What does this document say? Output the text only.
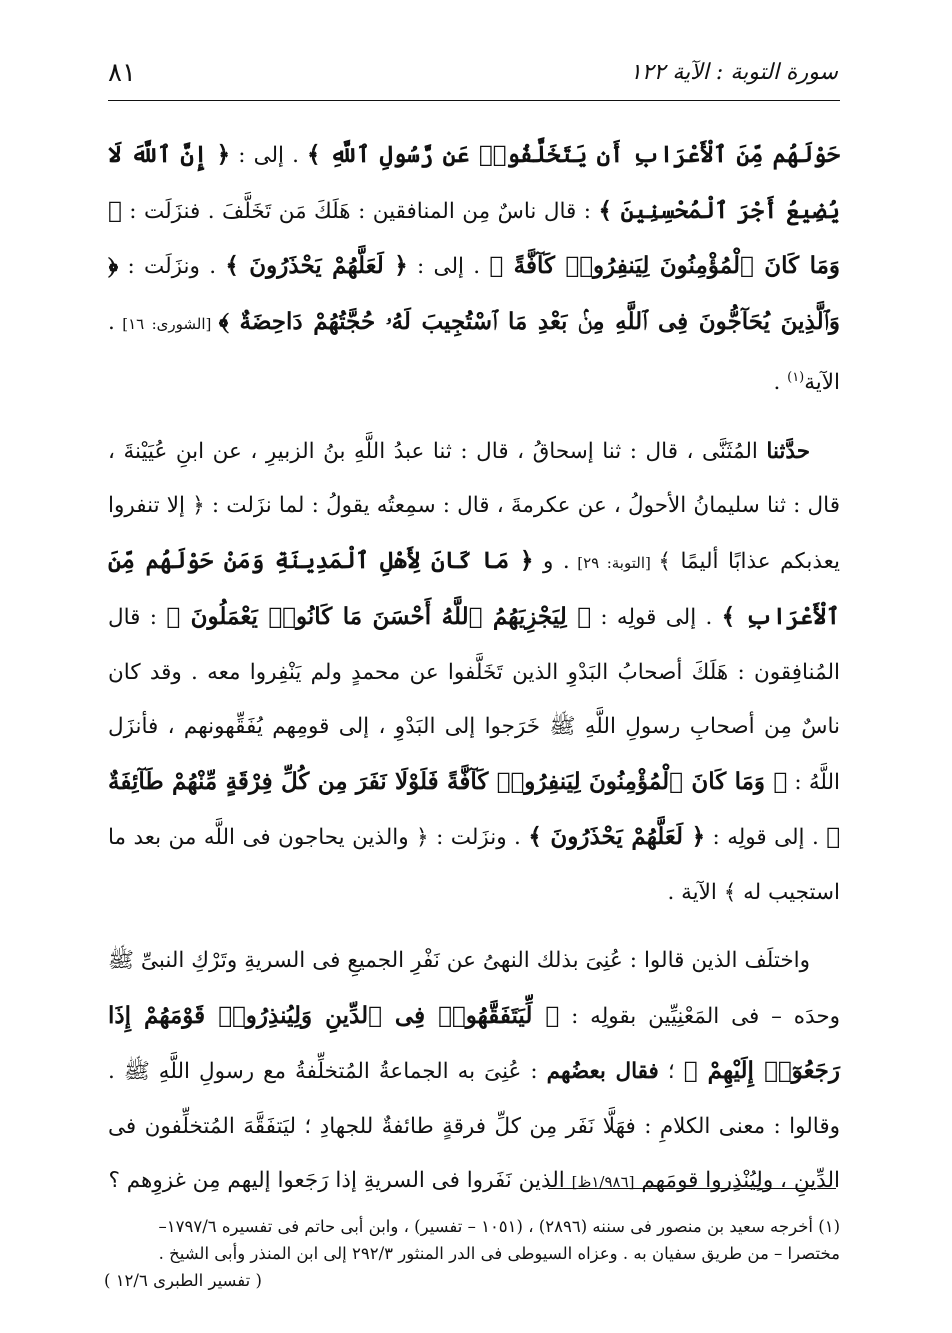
سورة التوبة : الآية ١٢٢
٨١

حَوْلَهُم مِّنَ ٱلْأَعْرَابِ أَن يَتَخَلَّفُوا۟ عَن رَّسُولِ ٱللَّهِ ﴾ . إلى : ﴿ إِنَّ ٱللَّهَ لَا يُضِيعُ أَجْرَ ٱلْمُحْسِنِينَ ﴾ : قال ناسٌ مِن المنافقين : هَلَكَ مَن تَخَلَّفَ . فنزَلَت : ﴿ وَمَا كَانَ ٱلْمُؤْمِنُونَ لِيَنفِرُوا۟ كَآفَّةً ﴾ . إلى : ﴿ لَعَلَّهُمْ يَحْذَرُونَ ﴾ . ونزَلَت : ﴿ وَٱلَّذِينَ يُحَآجُّونَ فِى ٱللَّهِ مِنۢ بَعْدِ مَا ٱسْتُجِيبَ لَهُۥ حُجَّتُهُمْ دَاحِضَةٌ ﴾ [الشورى: ١٦] . الآية$^{(١)}$ .

حدَّثنا المُثَنَّى ، قال : ثنا إسحاقُ ، قال : ثنا عبدُ اللَّهِ بنُ الزبيرِ ، عن ابنِ عُيَيْنةَ ، قال : ثنا سليمانُ الأحولُ ، عن عكرمةَ ، قال : سمِعتُه يقولُ : لما نزَلت : ﴿ إلا تنفروا يعذبكم عذابًا أليمًا ﴾ [التوبة: ٢٩] . و ﴿ مَا كَانَ لِأَهْلِ ٱلْمَدِينَةِ وَمَنْ حَوْلَهُم مِّنَ ٱلْأَعْرَابِ ﴾ . إلى قولِه : ﴿ لِيَجْزِيَهُمُ ٱللَّهُ أَحْسَنَ مَا كَانُوا۟ يَعْمَلُونَ ﴾ : قال المُنافِقون : هَلَكَ أصحابُ البَدْوِ الذين تَخَلَّفوا عن محمدٍ ولم يَنْفِروا معه . وقد كان ناسٌ مِن أصحابِ رسولِ اللَّهِ ﷺ خَرَجوا إلى البَدْوِ ، إلى قومِهم يُفَقِّهونهم ، فأنزَل اللَّهُ : ﴿ وَمَا كَانَ ٱلْمُؤْمِنُونَ لِيَنفِرُوا۟ كَآفَّةً فَلَوْلَا نَفَرَ مِن كُلِّ فِرْقَةٍ مِّنْهُمْ طَآئِفَةٌ ﴾ . إلى قولِه : ﴿ لَعَلَّهُمْ يَحْذَرُونَ ﴾ . ونزَلت : ﴿ والذين يحاجون فى اللَّه من بعد ما استجيب له ﴾ الآية .

واختلَف الذين قالوا : عُنِىَ بذلك النهىُ عن نَفْرِ الجميعِ فى السريةِ وتَرْكِ النبىِّ ﷺ وحدَه – فى المَعْنِيِّين بقولِه : ﴿ لِّيَتَفَقَّهُوا۟ فِى ٱلدِّينِ وَلِيُنذِرُوا۟ قَوْمَهُمْ إِذَا رَجَعُوٓا۟ إِلَيْهِمْ ﴾ ؛ فقال بعضُهم : عُنِىَ به الجماعةُ المُتخلِّفةُ مع رسولِ اللَّهِ ﷺ . وقالوا : معنى الكلامِ : فهَلَّا نَفَر مِن كلِّ فرقةٍ طائفةٌ للجهادِ ؛ ليَتفَقَّهَ المُتخلِّفون فى الدِّينِ ، ولِيُنْذِروا قومَهم [١/٩٨٦ظ] الذين نَفَروا فى السريةِ إذا رَجَعوا إليهم مِن غزوِهم ؟

(١) أخرجه سعيد بن منصور فى سننه (٢٨٩٦) ، (١٠٥١ – تفسير) ، وابن أبى حاتم فى تفسيره ١٧٩٧/٦–

مختصرا – من طريق سفيان به . وعزاه السيوطى فى الدر المنثور ٢٩٢/٣ إلى ابن المنذر وأبى الشيخ .

( تفسير الطبرى ١٢/٦ )
